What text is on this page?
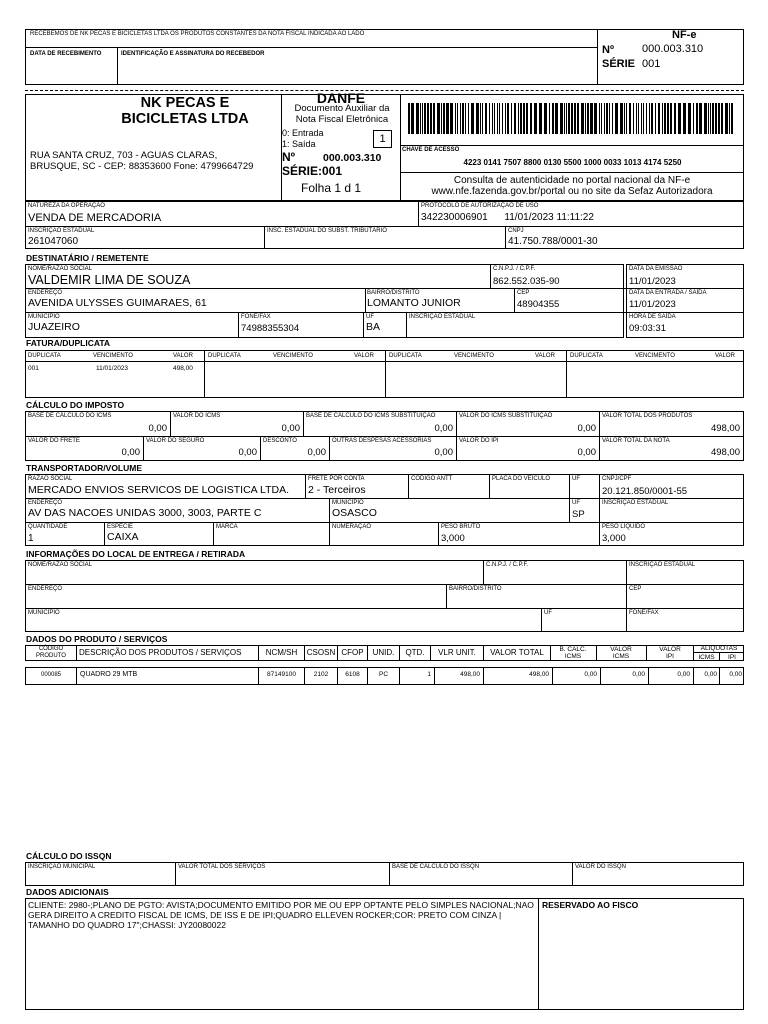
RECEBEMOS DE NK PECAS E BICICLETAS LTDA OS PRODUTOS CONSTANTES DA NOTA FISCAL INDICADA AO LADO
DATA DE RECEBIMENTO	IDENTIFICAÇÃO E ASSINATURA DO RECEBEDOR
NF-e
Nº	000.003.310
SÉRIE 001
NK PECAS E BICICLETAS LTDA
RUA SANTA CRUZ, 703 - AGUAS CLARAS, BRUSQUE, SC - CEP: 88353600 Fone: 4799664729
DANFE
Documento Auxiliar da Nota Fiscal Eletrônica
0: Entrada
1: Saída	1
Nº	000.003.310
SÉRIE:001
Folha 1 d 1
CHAVE DE ACESSO
4223 0141 7507 8800 0130 5500 1000 0033 1013 4174 5250
Consulta de autenticidade no portal nacional da NF-e www.nfe.fazenda.gov.br/portal ou no site da Sefaz Autorizadora
NATUREZA DA OPERAÇÃO
VENDA DE MERCADORIA
PROTOCOLO DE AUTORIZAÇÃO DE USO
342230006901      11/01/2023 11:11:22
INSCRIÇÃO ESTADUAL
261047060
INSC. ESTADUAL DO SUBST. TRIBUTÁRIO	CNPJ
41.750.788/0001-30
DESTINATÁRIO / REMETENTE
NOME/RAZÃO SOCIAL
VALDEMIR LIMA DE SOUZA
C.N.P.J. / C.P.F.
862.552.035-90
DATA DA EMISSÃO
11/01/2023
ENDEREÇO
AVENIDA ULYSSES GUIMARAES, 61
BAIRRO/DISTRITO
LOMANTO JUNIOR
CEP
48904355
DATA DA ENTRADA / SAÍDA
11/01/2023
MUNICÍPIO
JUAZEIRO
FONE/FAX
74988355304
UF
BA
INSCRIÇÃO ESTADUAL	HORA DE SAÍDA
09:03:31
FATURA/DUPLICATA
DUPLICATA	VENCIMENTO	VALOR	DUPLICATA	VENCIMENTO	VALOR	DUPLICATA	VENCIMENTO	VALOR	DUPLICATA	VENCIMENTO	VALOR
001	11/01/2023	498,00
CÁLCULO DO IMPOSTO
BASE DE CÁLCULO DO ICMS
0,00
VALOR DO ICMS
0,00
BASE DE CÁLCULO DO ICMS SUBSTITUIÇÃO
0,00
VALOR DO ICMS SUBSTITUIÇÃO
0,00
VALOR TOTAL DOS PRODUTOS
498,00
VALOR DO FRETE
0,00
VALOR DO SEGURO
0,00
DESCONTO
0,00
OUTRAS DESPESAS ACESSÓRIAS
0,00
VALOR DO IPI
0,00
VALOR TOTAL DA NOTA
498,00
TRANSPORTADOR/VOLUME
RAZÃO SOCIAL
MERCADO ENVIOS SERVICOS DE LOGISTICA LTDA.
FRETE POR CONTA
2 - Terceiros
CÓDIGO ANTT	PLACA DO VEÍCULO	UF	CNPJ/CPF
20.121.850/0001-55
ENDEREÇO
AV DAS NACOES UNIDAS 3000, 3003, PARTE C
MUNICÍPIO
OSASCO
UF
SP
INSCRIÇÃO ESTADUAL
QUANTIDADE
1
ESPÉCIE
CAIXA
MARCA	NUMERAÇÃO	PESO BRUTO
3,000
PESO LÍQUIDO
3,000
INFORMAÇÕES DO LOCAL DE ENTREGA / RETIRADA
NOME/RAZÃO SOCIAL	C.N.P.J. / C.P.F.	INSCRIÇÃO ESTADUAL
ENDEREÇO	BAIRRO/DISTRITO	CEP
MUNICÍPIO	UF	FONE/FAX
DADOS DO PRODUTO / SERVIÇOS
CÓDIGO PRODUTO	DESCRIÇÃO DOS PRODUTOS / SERVIÇOS	NCM/SH	CSOSN CFOP	UNID.	QTD.	VLR UNIT.	VALOR TOTAL	B. CALC. ICMS
VALOR ICMS
VALOR IPI
ALIQUOTAS
ICMS	IPI
000085	QUADRO 29 MTB	87149100	2102	6108	PC	1	498,00	498,00	0,00	0,00	0,00	0,00	0,00
CÁLCULO DO ISSQN
INSCRIÇÃO MUNICIPAL	VALOR TOTAL DOS SERVIÇOS	BASE DE CÁLCULO DO ISSQN	VALOR DO ISSQN
DADOS ADICIONAIS
CLIENTE: 2980-;PLANO DE PGTO: AVISTA;DOCUMENTO EMITIDO POR ME OU EPP OPTANTE PELO SIMPLES NACIONAL;NAO GERA DIREITO A CREDITO FISCAL DE ICMS, DE ISS E DE IPI;QUADRO ELLEVEN ROCKER;COR: PRETO COM CINZA | TAMANHO DO QUADRO 17";CHASSI: JY20080022
RESERVADO AO FISCO
